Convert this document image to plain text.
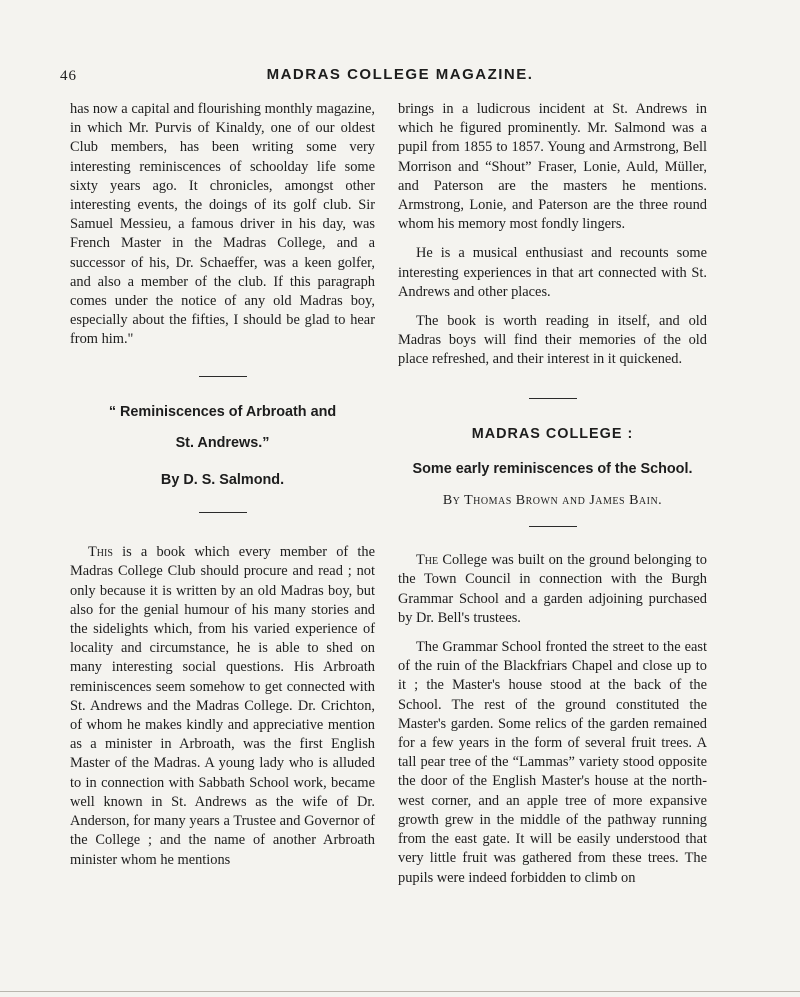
46	MADRAS COLLEGE MAGAZINE.

has now a capital and flourishing monthly magazine, in which Mr. Purvis of Kinaldy, one of our oldest Club members, has been writing some very interesting reminiscences of schoolday life some sixty years ago. It chronicles, amongst other interesting events, the doings of its golf club. Sir Samuel Messieu, a famous driver in his day, was French Master in the Madras College, and a successor of his, Dr. Schaeffer, was a keen golfer, and also a member of the club. If this paragraph comes under the notice of any old Madras boy, especially about the fifties, I should be glad to hear from him."

“ Reminiscences of Arbroath and
St. Andrews.”
By D. S. Salmond.

This is a book which every member of the Madras College Club should procure and read ; not only because it is written by an old Madras boy, but also for the genial humour of his many stories and the sidelights which, from his varied experience of locality and circumstance, he is able to shed on many interesting social questions. His Arbroath reminiscences seem somehow to get connected with St. Andrews and the Madras College. Dr. Crichton, of whom he makes kindly and appreciative mention as a minister in Arbroath, was the first English Master of the Madras. A young lady who is alluded to in connection with Sabbath School work, became well known in St. Andrews as the wife of Dr. Anderson, for many years a Trustee and Governor of the College ; and the name of another Arbroath minister whom he mentions

brings in a ludicrous incident at St. Andrews in which he figured prominently. Mr. Salmond was a pupil from 1855 to 1857. Young and Armstrong, Bell Morrison and “Shout” Fraser, Lonie, Auld, Müller, and Paterson are the masters he mentions. Armstrong, Lonie, and Paterson are the three round whom his memory most fondly lingers.

He is a musical enthusiast and recounts some interesting experiences in that art connected with St. Andrews and other places.

The book is worth reading in itself, and old Madras boys will find their memories of the old place refreshed, and their interest in it quickened.

MADRAS COLLEGE :
Some early reminiscences of the School.
By Thomas Brown and James Bain.

The College was built on the ground belonging to the Town Council in connection with the Burgh Grammar School and a garden adjoining purchased by Dr. Bell's trustees.

The Grammar School fronted the street to the east of the ruin of the Blackfriars Chapel and close up to it ; the Master's house stood at the back of the School. The rest of the ground constituted the Master's garden. Some relics of the garden remained for a few years in the form of several fruit trees. A tall pear tree of the “Lammas” variety stood opposite the door of the English Master's house at the north-west corner, and an apple tree of more expansive growth grew in the middle of the pathway running from the east gate. It will be easily understood that very little fruit was gathered from these trees. The pupils were indeed forbidden to climb on
